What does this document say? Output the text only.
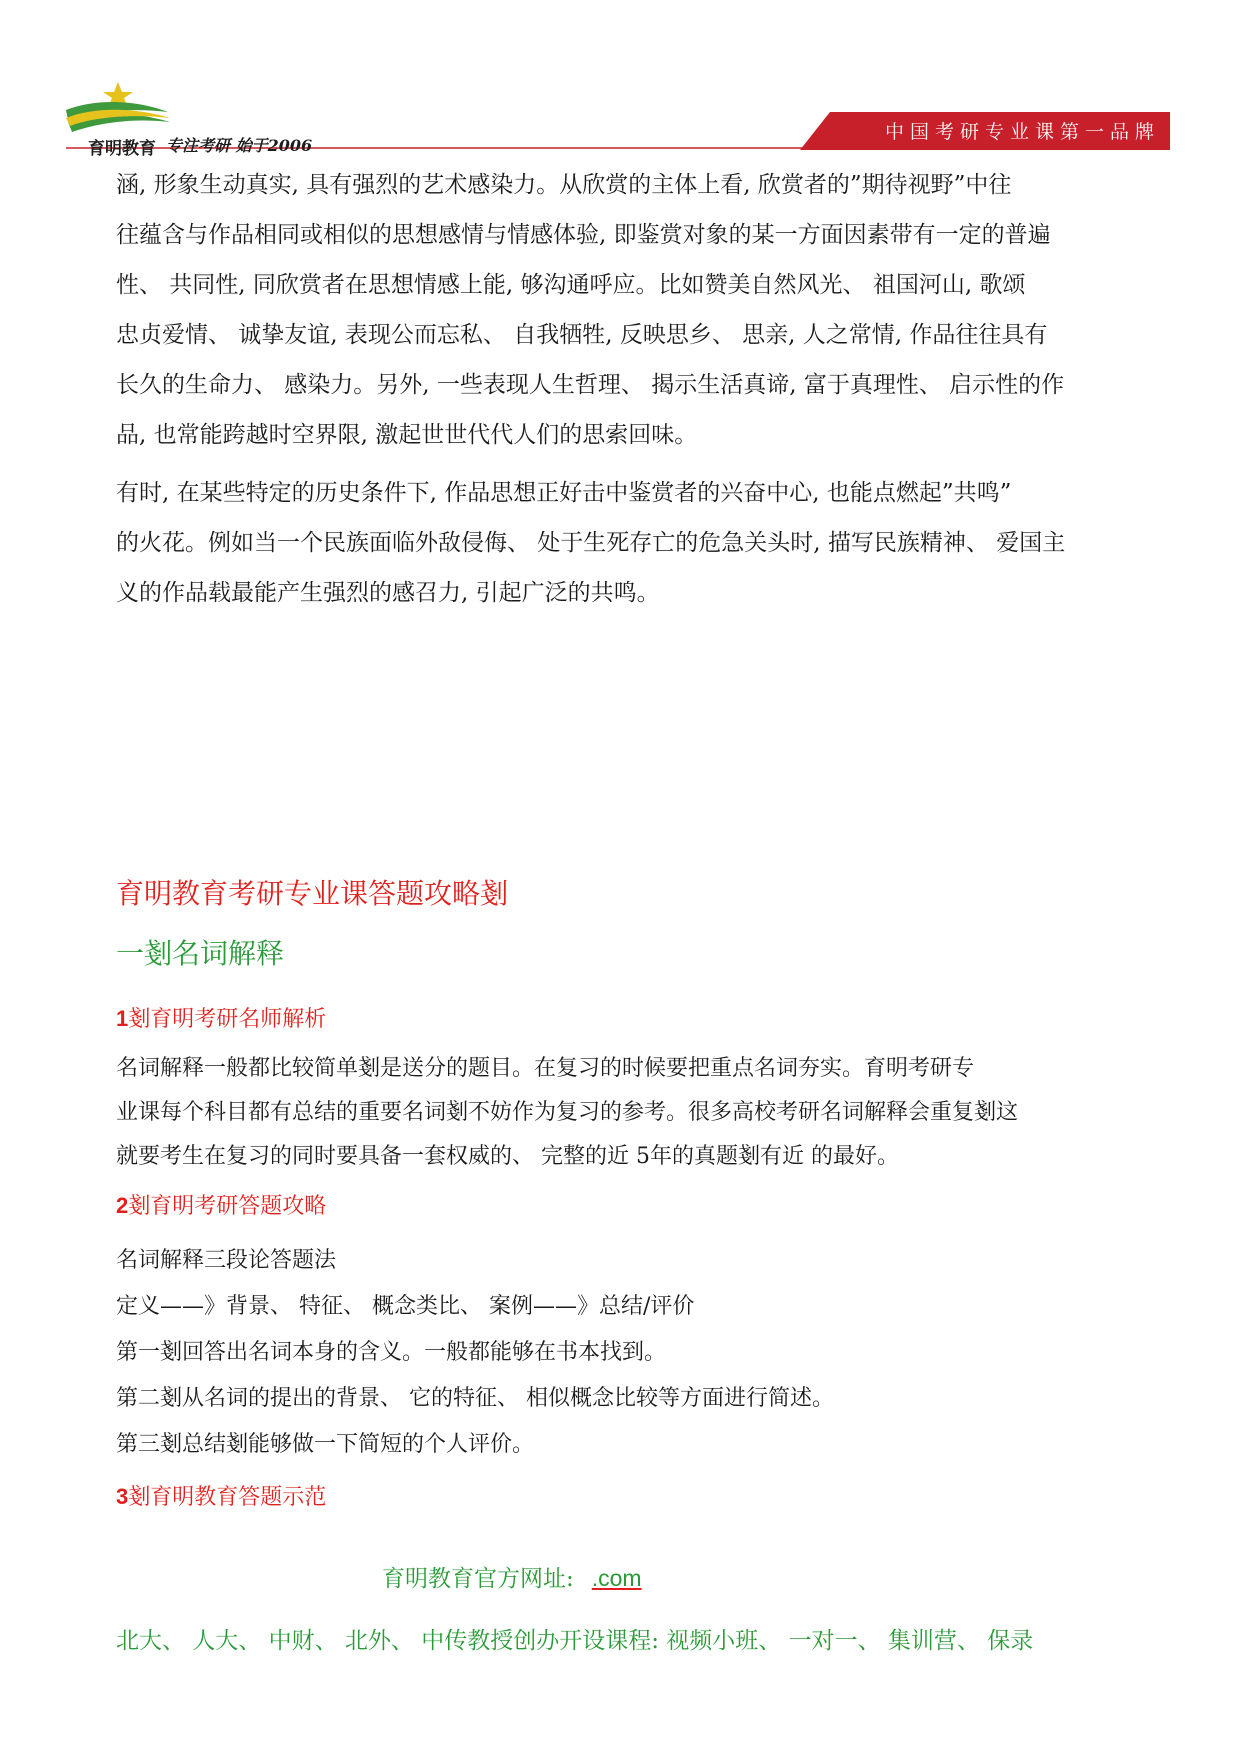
育明教育 专注考研 始于2006
中国考研专业课第一品牌

涵, 形象生动真实, 具有强烈的艺术感染力。从欣赏的主体上看, 欣赏者的”期待视野”中往

往蕴含与作品相同或相似的思想感情与情感体验, 即鉴赏对象的某一方面因素带有一定的普遍

性、 共同性, 同欣赏者在思想情感上能, 够沟通呼应。比如赞美自然风光、 祖国河山, 歌颂

忠贞爱情、 诚挚友谊, 表现公而忘私、 自我牺牲, 反映思乡、 思亲, 人之常情, 作品往往具有

长久的生命力、 感染力。另外, 一些表现人生哲理、 揭示生活真谛, 富于真理性、 启示性的作

品, 也常能跨越时空界限, 激起世世代代人们的思索回味。

有时, 在某些特定的历史条件下, 作品思想正好击中鉴赏者的兴奋中心, 也能点燃起”共鸣”

的火花。例如当一个民族面临外敌侵侮、 处于生死存亡的危急关头时, 描写民族精神、 爱国主

义的作品载最能产生强烈的感召力, 引起广泛的共鸣。

育明教育考研专业课答题攻略剗

一剗名词解释

1剗育明考研名师解析

名词解释一般都比较简单剗是送分的题目。在复习的时候要把重点名词夯实。育明考研专

业课每个科目都有总结的重要名词剗不妨作为复习的参考。很多高校考研名词解释会重复剗这

就要考生在复习的同时要具备一套权威的、 完整的近 5年的真题剗有近 的最好。

2剗育明考研答题攻略

名词解释三段论答题法

定义——》背景、 特征、 概念类比、 案例——》总结/评价

第一剗回答出名词本身的含义。一般都能够在书本找到。

第二剗从名词的提出的背景、 它的特征、 相似概念比较等方面进行简述。

第三剗总结剗能够做一下简短的个人评价。

3剗育明教育答题示范

育明教育官方网址: .com
北大、 人大、 中财、 北外、 中传教授创办开设课程: 视频小班、 一对一、 集训营、 保录
